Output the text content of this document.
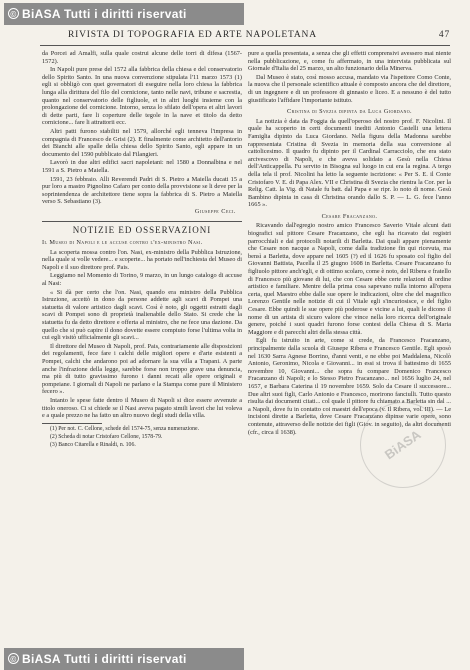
© BiASA Tutti i diritti riservati
RIVISTA DI TOPOGRAFIA ED ARTE NAPOLETANA	47

da Porcei ad Amalfi, sulla quale costrui alcune delle torri di difesa (1567-1572).

In Napoli pure prese del 1572 alla fabbrica della chiesa e del conservatorio dello Spirito Santo. In una nuova convenzione stipulata l'11 marzo 1573 (1) egli si obbligò con quei governatori di eseguire nella loro chiesa la fabbrica lunga alla dirittura del filo del cornicione, tanto nelle navi, tribune e sacrestia, quanto nel conservatorio delle figliuole, et in altri luoghi insieme con la prolongazione del cornicione. Intorno, senza lo sfilato dell'opera et altri lavori di dette parti, fare li coperture delle tegole in la nave et titolo da detto cornicione... fare li attrattorii ecc.

Altri patti furono stabiliti nel 1579, allorché egli tenneva l'impresa in compagnia di Francesco de Grisi (2). E finalmente come architetto dell'antorio dei Bianchi alle spalle della chiesa dello Spirito Santo, egli appare in un documento del 1590 pubblicato dal Filangieri.

Lavorò in due altri edifici sacri napoletani: nel 1580 a Donnalbina e nel 1591 a S. Pietro a Maiella.

1591, 23 febbraio. Alli Reverendi Padri di S. Pietro a Maiella ducati 15 a pur loro a mastro Pignolino Cafaro per conto della provvisione se li deve per la soprintendenza de architettore tiene sopra la fabbrica di S. Pietro a Maiella verso S. Sebastiano (3).

Giuseppe Ceci.
NOTIZIE ED OSSERVAZIONI
Il Museo di Napoli e le accuse contro l'ex-ministro Nasi.

La scoperta mossa contro l'on. Nasi, ex-ministro della Pubblica Istruzione, nella quale si volle vedere... e scoperte... ha portato nell'inchiesta del Museo di Napoli e il suo direttore prof. Pais.

Leggiamo nel Momento di Torino, 9 marzo, in un lungo catalogo di accuse al Nasi:

« Si dà per certo che l'on. Nasi, quando era ministro della Pubblica Istruzione, accettò in dono da persone addette agli scavi di Pompei una statuetta di valore artistico dagli scavi. Così è noto, gli oggetti estratti dagli scavi di Pompei sono di proprietà inalienabile dello Stato. Si crede che la statuetta fu da detto direttore e offerta al ministro, che ne fece una dazione. Da quello che si può capire il dono dovette essere compiuto forse l'ultima volta in cui egli visitò ufficialmente gli scavi...

Il direttore del Museo di Napoli, prof. Pais, contrariamente alle disposizioni dei regolamenti, fece fare i calchi delle migliori opere e d'arte esistenti a Pompei, calchi che andarono poi ad adornare la sua villa a Trapani. A parte anche l'infrazione della legge, sarebbe forse non troppo grave una denuncia, ma più di tutto gravissimo furono i danni recati alle opere originali e pompeiane. I giornali di Napoli ne parlano e la Stampa come pure il Ministero fecero ».

Intanto le spese fatte dentro il Museo di Napoli si dice essere avvenute a titolo oneroso. Ci si chiede se il Nasi aveva pagato simili lavori che lui voleva e a quale prezzo ne ha fatto un altro nuovo degli studi della villa.

(1) Per not. C. Cellone, schede del 1574-75, senza numerazione.

(2) Scheda di notar Cristofaro Cellone, 1578-79.

(3) Banco Citarella e Rinaldi, n. 106.

pure a quella presentata, a senza che gli effetti comprensivi avessero mai niente nella pubblicazione, e, come fu affermato, in una intervista pubblicata sul Giornale d'Italia del 25 marzo, un alto funzionario della Minerva.

Dal Museo è stato, così mosso accusa, mandato via l'ispettore Como Conte, la nuova che il personale scientifico attuale è composto ancora che del direttore, di un ingegnere e di un professore di ginnasio e liceo. E a nessuno è del tutto giustificato l'affidare l'importante istituto.

Cristina di Svezia dipinta da Luca Giordano.

La notizia è data da Foggia da quell'operoso del nostro prof. F. Nicolini. Il quale ha scoperto in certi documenti inediti Antonio Castelli una lettera Famiglia dipinto da Luca Giordano. Nella figura della Madonna sarebbe rappresentata Cristina di Svezia in memoria della sua conversione al cattolicesimo. Il quadro fu dipinto per il Cardinal Carracciolo, che era stato arcivescovo di Napoli, e che aveva solidato a Gesù nella Chiesa dell'Anticappella. Fu servito in Bisogna sul luogo in cui era la regina. A tergo della tela il prof. Nicolini ha letto la seguente iscrizione: « Per S. E. il Conte Cristofaro V. E. di Papa Alex. VII e Christina di Svezia che rientra la Cor. per la Relig. Catt. la Vig. di Natale fu batt. dal Papa e se ripr. lo noto di nome. Gesù Bambino dipinta in casa di Christina orando dallo S. P. — L. G. fece l'anno 1665 ».

Cesare Fracanzano.

Ricavando dall'egregio nostro amico Francesco Saverio Vitale alcuni dati biografici sul pittore Cesare Fracanzano, che egli ha ricavato dai registri parrocchiali e dai protocolli notarili di Barletta. Dai quali appare pienamente che Cesare non nacque a Napoli, come dalla tradizione fin qui ricevuta, ma bensì a Barletta, dove appare nel 1605 (?) ed il 1626 fu sposato col figlio del Giovanni Battista, Pacella il 25 giugno 1608 in Barletta. Cesare Fracanzano fu figliuolo pittore anch'egli, e di ottimo scolaro, come è noto, del Ribera e fratello di Francesco più giovane di lui, che con Cesare ebbe certe relazioni di ordine artistico e familiare. Mentre della prima cosa sapevano nulla intorno all'opera certa, quel Maestro ebbe dalle sue opere le indicazioni, oltre che del magnifico Lorenzo Gentile nelle notizie di cui il Vitale egli s'incuriosisce, e del figlio Cesare. Ebbe quindi le sue opere più poderose e vicine a lui, quali le dicono il nome di un artista di sicuro valore che vince nella loro ricerca dell'originale genere, poiché i suoi quadri furono forse contesi della Chiesa di S. Maria Maggiore e di parecchi altri della stessa città.

Egli fu istruito in arte, come si crede, da Francesco Fracanzano, principalmente dalla scuola di Giusepe Ribera e Francesco Gentile. Egli sposò nel 1630 Sarra Agnese Borrino, d'anni venti, e ne ebbe poi Maddalena, Nicolò Antonio, Geronimo, Nicola e Giovanni... in essi si trova il battesimo di 1655 novembre 10, Giovanni... che sopra fu compare Domenico Francesco Fracanzano di Napoli; e lo Stesso Pietro Fracanzano... nel 1656 luglio 24, nel 1657, e Barbara Caterina il 19 novembre 1659. Solo da Cesare il successore... Due altri suoi figli, Carlo Antonio e Francesco, morirono fanciulli. Tutto questo risulta dai documenti citati... col quale il pittore fu chiamato a Barletta sin dal ... a Napoli, dove fu in contatto coi maestri dell'epoca (v. Il Ribera, vol. III). — Le incisioni dirette a Barletta, dove Cesare Fracanzano dipinse varie opere, sono contenute, attraverso delle notizie dei figli (Giov. in seguito), da altri documenti (cfr., circa il 1638).	BiASA
© BiASA Tutti i diritti riservati
